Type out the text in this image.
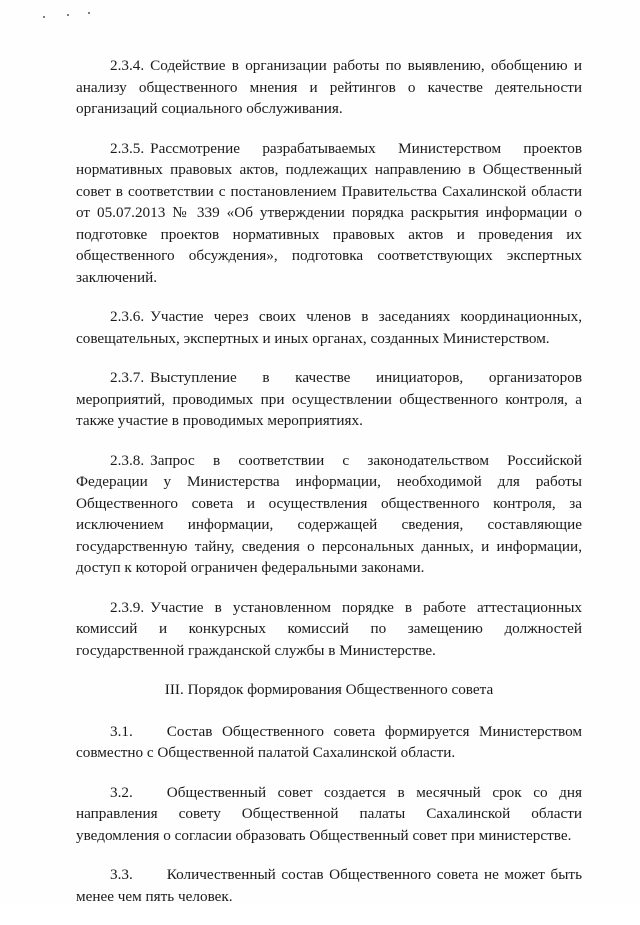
2.3.4. Содействие в организации работы по выявлению, обобщению и анализу общественного мнения и рейтингов о качестве деятельности организаций социального обслуживания.

2.3.5. Рассмотрение разрабатываемых Министерством проектов нормативных правовых актов, подлежащих направлению в Общественный совет в соответствии с постановлением Правительства Сахалинской области от 05.07.2013 № 339 «Об утверждении порядка раскрытия информации о подготовке проектов нормативных правовых актов и проведения их общественного обсуждения», подготовка соответствующих экспертных заключений.

2.3.6. Участие через своих членов в заседаниях координационных, совещательных, экспертных и иных органах, созданных Министерством.

2.3.7. Выступление в качестве инициаторов, организаторов мероприятий, проводимых при осуществлении общественного контроля, а также участие в проводимых мероприятиях.

2.3.8. Запрос в соответствии с законодательством Российской Федерации у Министерства информации, необходимой для работы Общественного совета и осуществления общественного контроля, за исключением информации, содержащей сведения, составляющие государственную тайну, сведения о персональных данных, и информации, доступ к которой ограничен федеральными законами.

2.3.9. Участие в установленном порядке в работе аттестационных комиссий и конкурсных комиссий по замещению должностей государственной гражданской службы в Министерстве.

III. Порядок формирования Общественного совета

3.1. Состав Общественного совета формируется Министерством совместно с Общественной палатой Сахалинской области.

3.2. Общественный совет создается в месячный срок со дня направления совету Общественной палаты Сахалинской области уведомления о согласии образовать Общественный совет при министерстве.

3.3. Количественный состав Общественного совета не может быть менее чем пять человек.
